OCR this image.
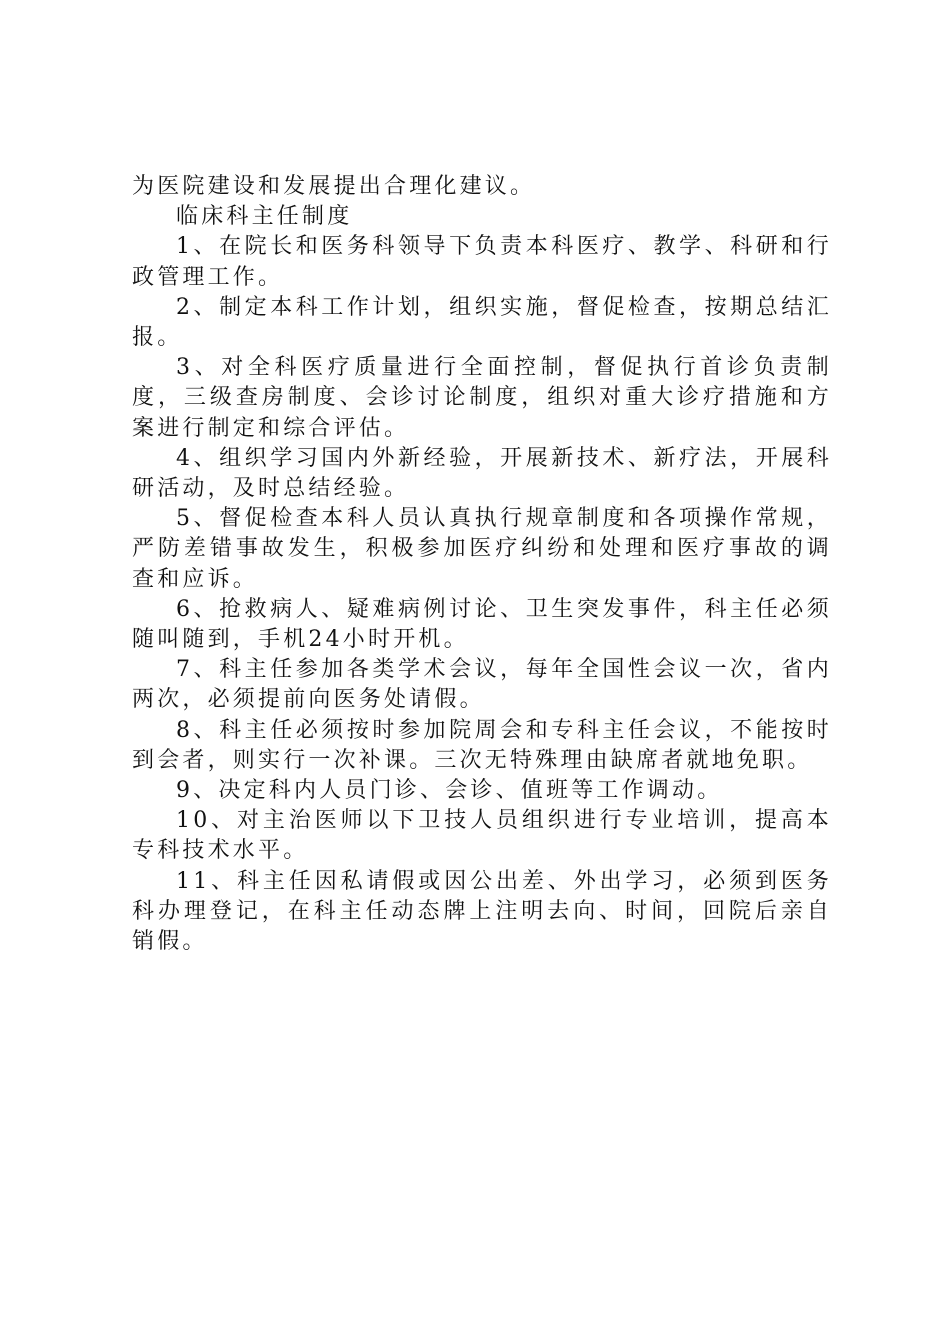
为医院建设和发展提出合理化建议。

临床科主任制度

1、在院长和医务科领导下负责本科医疗、教学、科研和行政管理工作。

2、制定本科工作计划，组织实施，督促检查，按期总结汇报。

3、对全科医疗质量进行全面控制，督促执行首诊负责制度，三级查房制度、会诊讨论制度，组织对重大诊疗措施和方案进行制定和综合评估。

4、组织学习国内外新经验，开展新技术、新疗法，开展科研活动，及时总结经验。

5、督促检查本科人员认真执行规章制度和各项操作常规，严防差错事故发生，积极参加医疗纠纷和处理和医疗事故的调查和应诉。

6、抢救病人、疑难病例讨论、卫生突发事件，科主任必须随叫随到，手机24小时开机。

7、科主任参加各类学术会议，每年全国性会议一次，省内两次，必须提前向医务处请假。

8、科主任必须按时参加院周会和专科主任会议，不能按时到会者，则实行一次补课。三次无特殊理由缺席者就地免职。

9、决定科内人员门诊、会诊、值班等工作调动。

10、对主治医师以下卫技人员组织进行专业培训，提高本专科技术水平。

11、科主任因私请假或因公出差、外出学习，必须到医务科办理登记，在科主任动态牌上注明去向、时间，回院后亲自销假。
